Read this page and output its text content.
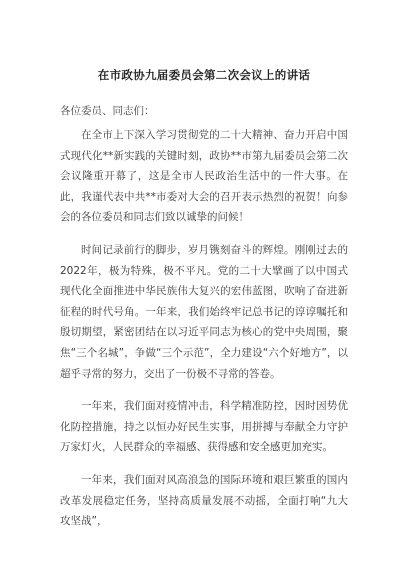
在市政协九届委员会第二次会议上的讲话

各位委员、同志们：

在全市上下深入学习贯彻党的二十大精神、奋力开启中国式现代化**新实践的关键时刻，政协**市第九届委员会第二次会议隆重开幕了，这是全市人民政治生活中的一件大事。在此，我谨代表中共**市委对大会的召开表示热烈的祝贺！向参会的各位委员和同志们致以诚挚的问候！

时间记录前行的脚步，岁月镌刻奋斗的辉煌。刚刚过去的2022年，极为特殊，极不平凡。党的二十大擘画了以中国式现代化全面推进中华民族伟大复兴的宏伟蓝图，吹响了奋进新征程的时代号角。一年来，我们始终牢记总书记的谆谆嘱托和殷切期望，紧密团结在以习近平同志为核心的党中央周围，聚焦“三个名城”，争做“三个示范”，全力建设“六个好地方”，以超乎寻常的努力，交出了一份极不寻常的答卷。

一年来，我们面对疫情冲击，科学精准防控，因时因势优化防控措施，持之以恒办好民生实事，用拼搏与奉献全力守护万家灯火，人民群众的幸福感、获得感和安全感更加充实。

一年来，我们面对风高浪急的国际环境和艰巨繁重的国内改革发展稳定任务，坚持高质量发展不动摇，全面打响“九大攻坚战”，
